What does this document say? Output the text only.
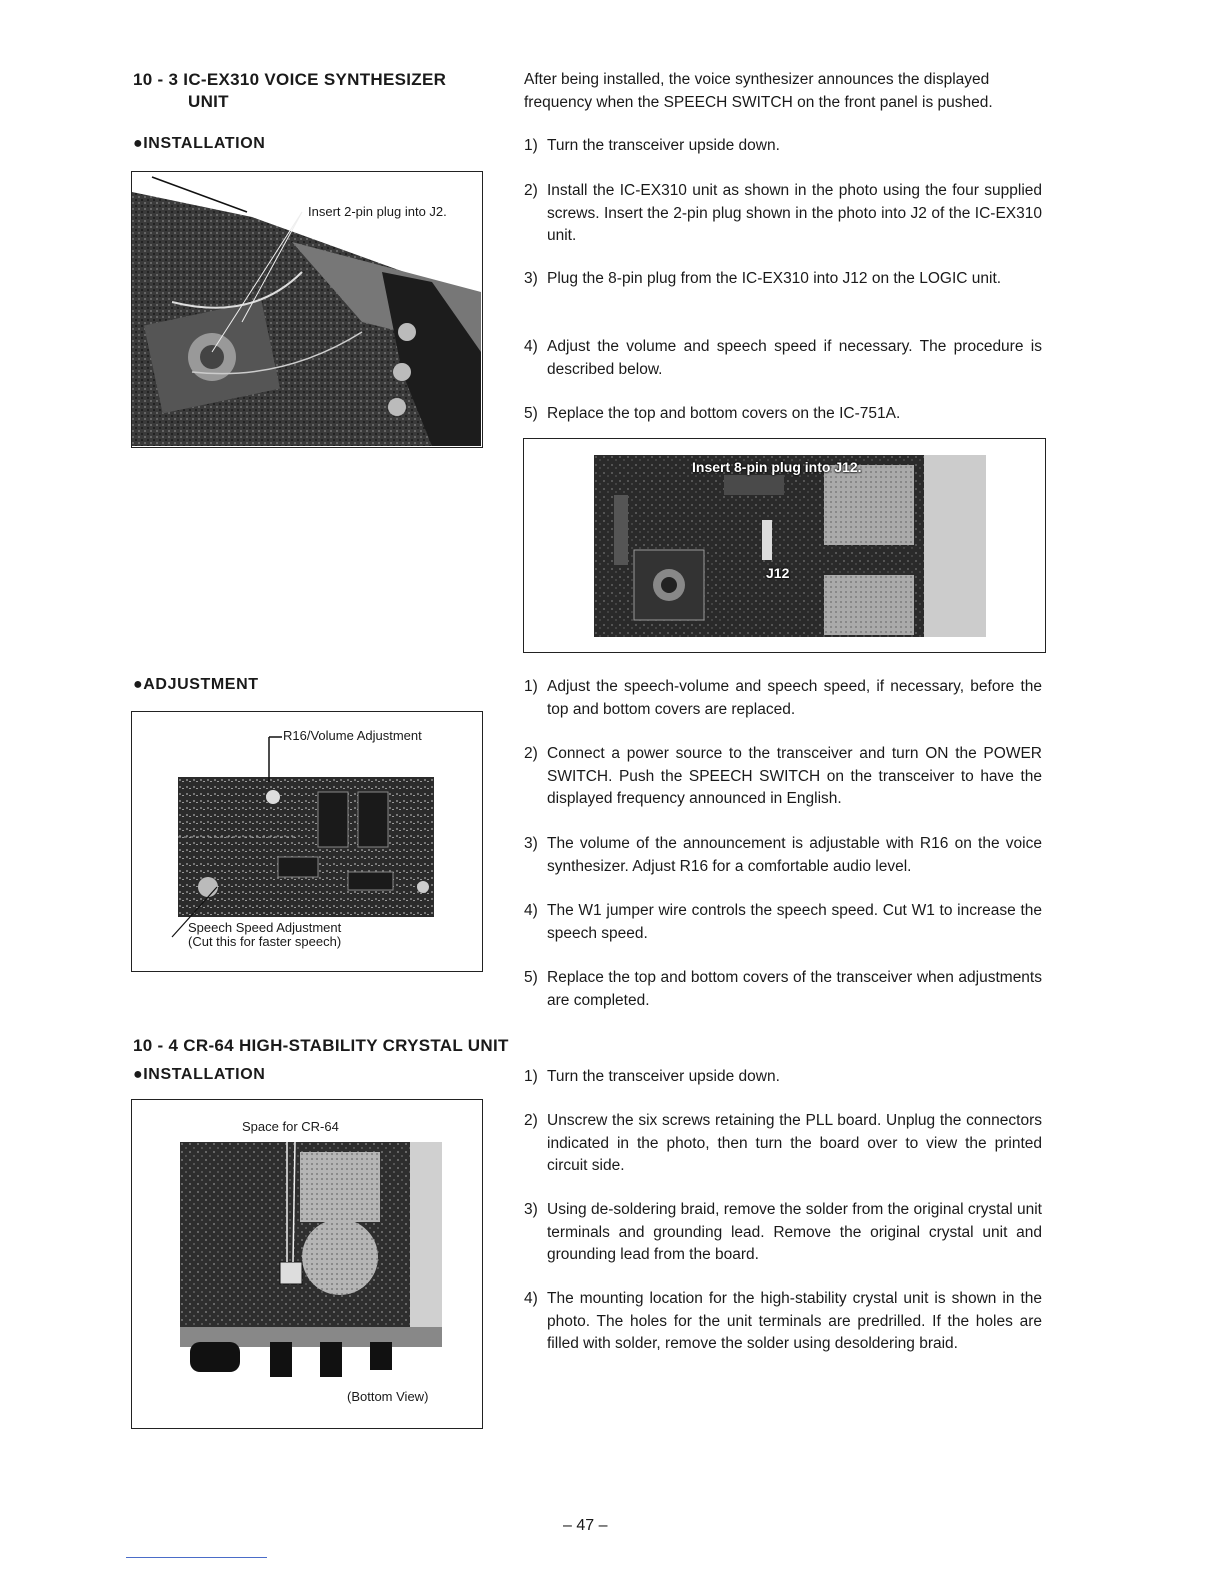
10 - 3 IC-EX310 VOICE SYNTHESIZER
UNIT
●INSTALLATION
After being installed, the voice synthesizer announces the displayed frequency when the SPEECH SWITCH on the front panel is pushed.
1) Turn the transceiver upside down.
2) Install the IC-EX310 unit as shown in the photo using the four supplied screws. Insert the 2-pin plug shown in the photo into J2 of the IC-EX310 unit.
3) Plug the 8-pin plug from the IC-EX310 into J12 on the LOGIC unit.
4) Adjust the volume and speech speed if necessary. The procedure is described below.
5) Replace the top and bottom covers on the IC-751A.
Insert 2-pin plug into J2.
Insert 8-pin plug into J12.
J12
●ADJUSTMENT	1) Adjust the speech-volume and speech speed, if necessary, before the top and bottom covers are replaced.
2) Connect a power source to the transceiver and turn ON the POWER SWITCH. Push the SPEECH SWITCH on the transceiver to have the displayed frequency announced in English.
3) The volume of the announcement is adjustable with R16 on the voice synthesizer. Adjust R16 for a comfortable audio level.
4) The W1 jumper wire controls the speech speed. Cut W1 to increase the speech speed.
5) Replace the top and bottom covers of the transceiver when adjustments are completed.
R16/Volume Adjustment
Speech Speed Adjustment
(Cut this for faster speech)
10 - 4 CR-64 HIGH-STABILITY CRYSTAL UNIT
●INSTALLATION	1) Turn the transceiver upside down.
2) Unscrew the six screws retaining the PLL board. Unplug the connectors indicated in the photo, then turn the board over to view the printed circuit side.
3) Using de-soldering braid, remove the solder from the original crystal unit terminals and grounding lead. Remove the original crystal unit and grounding lead from the board.
4) The mounting location for the high-stability crystal unit is shown in the photo. The holes for the unit terminals are predrilled. If the holes are filled with solder, remove the solder using desoldering braid.
Space for CR-64
(Bottom View)
– 47 –
